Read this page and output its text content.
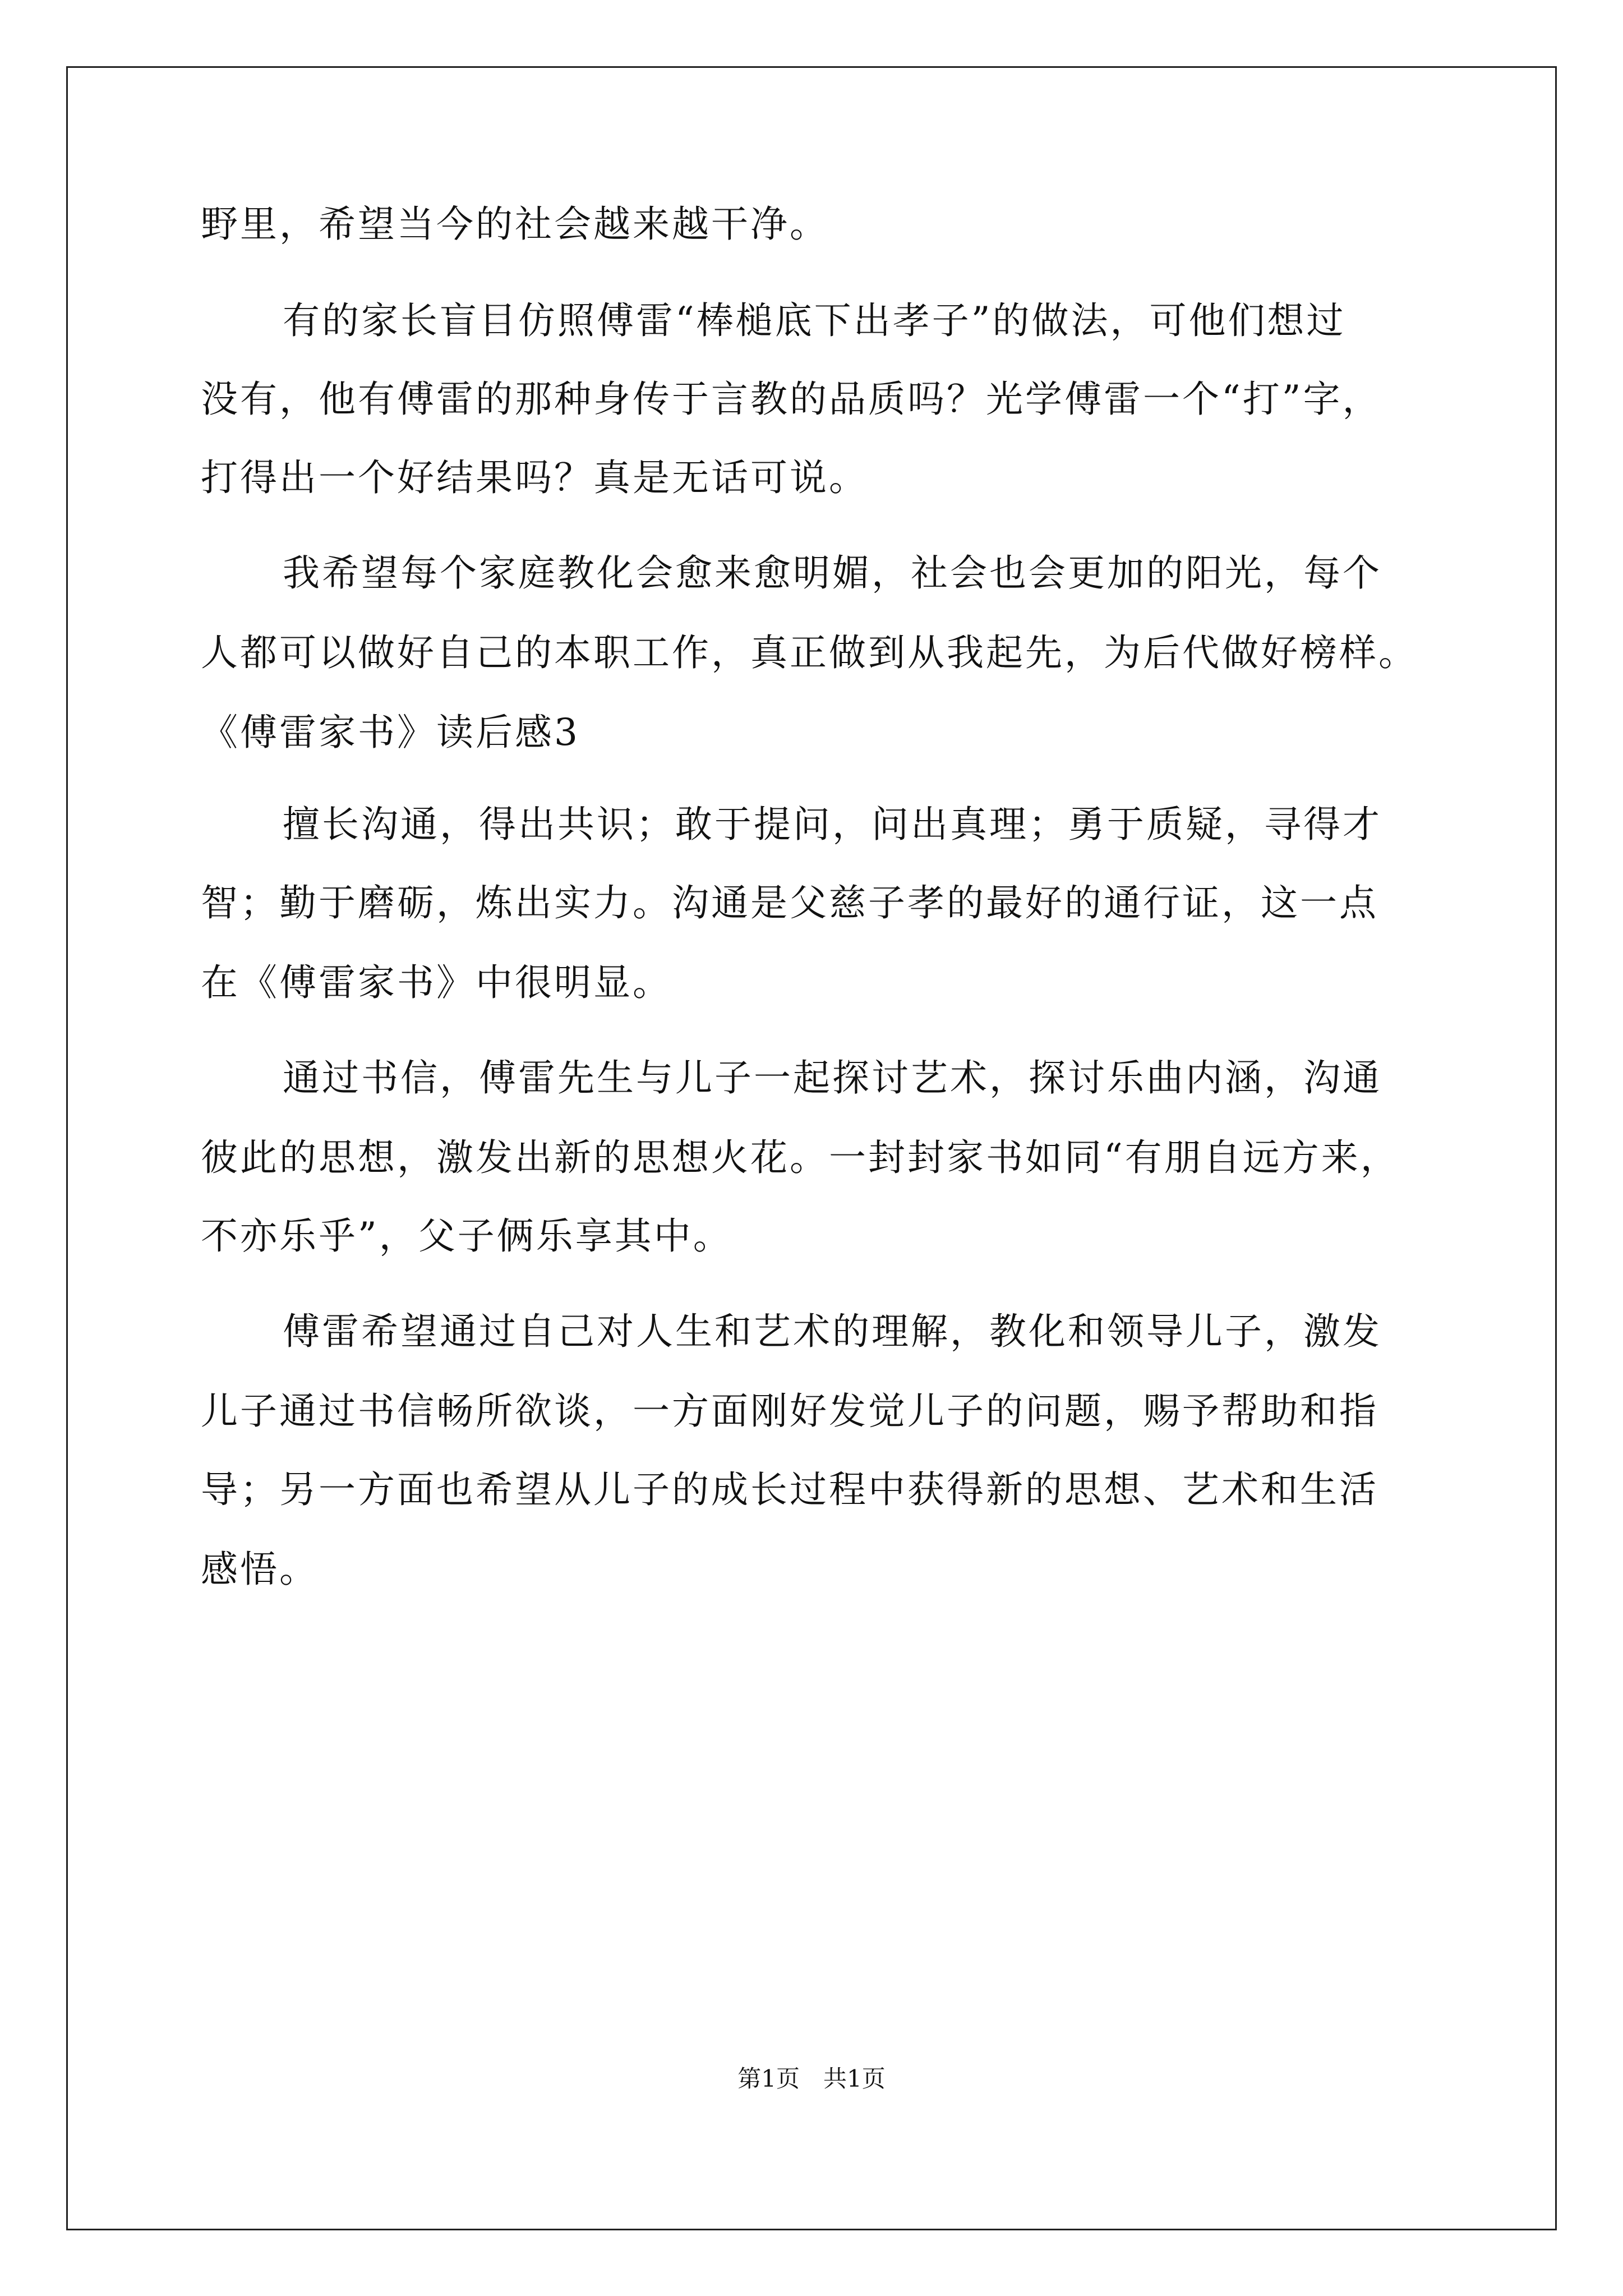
野里，希望当今的社会越来越干净。
有的家长盲目仿照傅雷“棒槌底下出孝子”的做法，可他们想过
没有，他有傅雷的那种身传于言教的品质吗？光学傅雷一个“打”字，
打得出一个好结果吗？真是无话可说。
我希望每个家庭教化会愈来愈明媚，社会也会更加的阳光，每个
人都可以做好自己的本职工作，真正做到从我起先，为后代做好榜样。
《傅雷家书》读后感3
擅长沟通，得出共识；敢于提问，问出真理；勇于质疑，寻得才
智；勤于磨砺，炼出实力。沟通是父慈子孝的最好的通行证，这一点
在《傅雷家书》中很明显。
通过书信，傅雷先生与儿子一起探讨艺术，探讨乐曲内涵，沟通
彼此的思想，激发出新的思想火花。一封封家书如同“有朋自远方来，
不亦乐乎”，父子俩乐享其中。
傅雷希望通过自己对人生和艺术的理解，教化和领导儿子，激发
儿子通过书信畅所欲谈，一方面刚好发觉儿子的问题，赐予帮助和指
导；另一方面也希望从儿子的成长过程中获得新的思想、艺术和生活
感悟。
第1页　共1页
